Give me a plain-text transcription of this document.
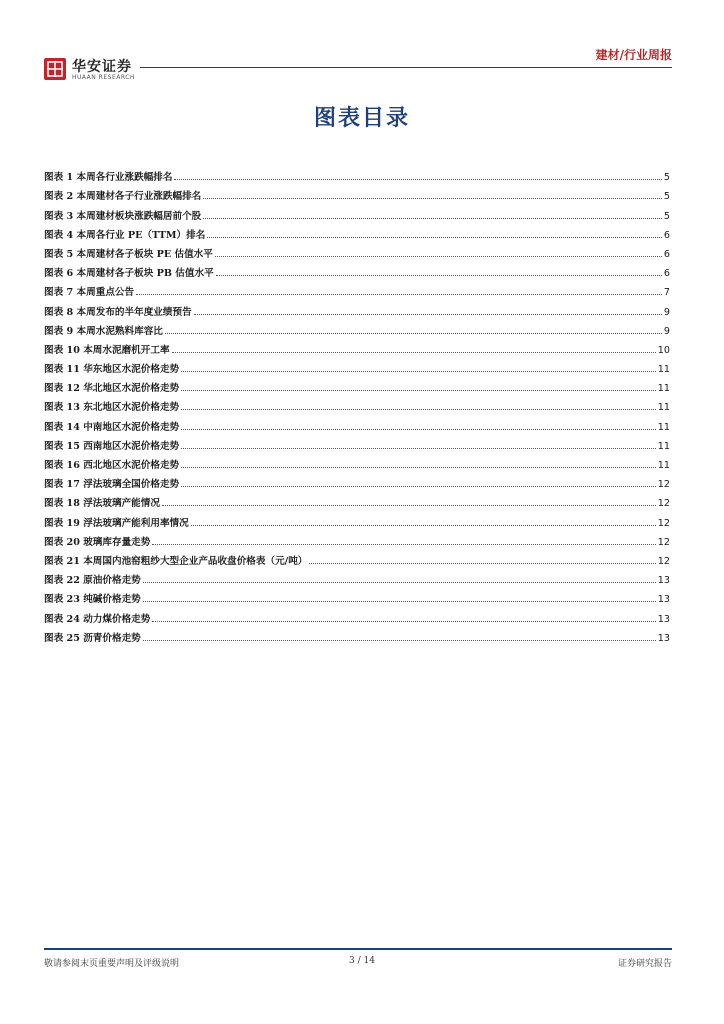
华安证券
HUAAN RESEARCH
建材/行业周报
图表目录
图表 1 本周各行业涨跌幅排名	5
图表 2 本周建材各子行业涨跌幅排名	5
图表 3 本周建材板块涨跌幅居前个股	5
图表 4 本周各行业 PE（TTM）排名	6
图表 5 本周建材各子板块 PE 估值水平	6
图表 6 本周建材各子板块 PB 估值水平	6
图表 7 本周重点公告	7
图表 8 本周发布的半年度业绩预告	9
图表 9 本周水泥熟料库容比	9
图表 10 本周水泥磨机开工率	10
图表 11 华东地区水泥价格走势	11
图表 12 华北地区水泥价格走势	11
图表 13 东北地区水泥价格走势	11
图表 14 中南地区水泥价格走势	11
图表 15 西南地区水泥价格走势	11
图表 16 西北地区水泥价格走势	11
图表 17 浮法玻璃全国价格走势	12
图表 18 浮法玻璃产能情况	12
图表 19 浮法玻璃产能利用率情况	12
图表 20 玻璃库存量走势	12
图表 21 本周国内池窑粗纱大型企业产品收盘价格表（元/吨）	12
图表 22 原油价格走势	13
图表 23 纯碱价格走势	13
图表 24 动力煤价格走势	13
图表 25 沥青价格走势	13
敬请参阅末页重要声明及评级说明	3 / 14	证券研究报告
